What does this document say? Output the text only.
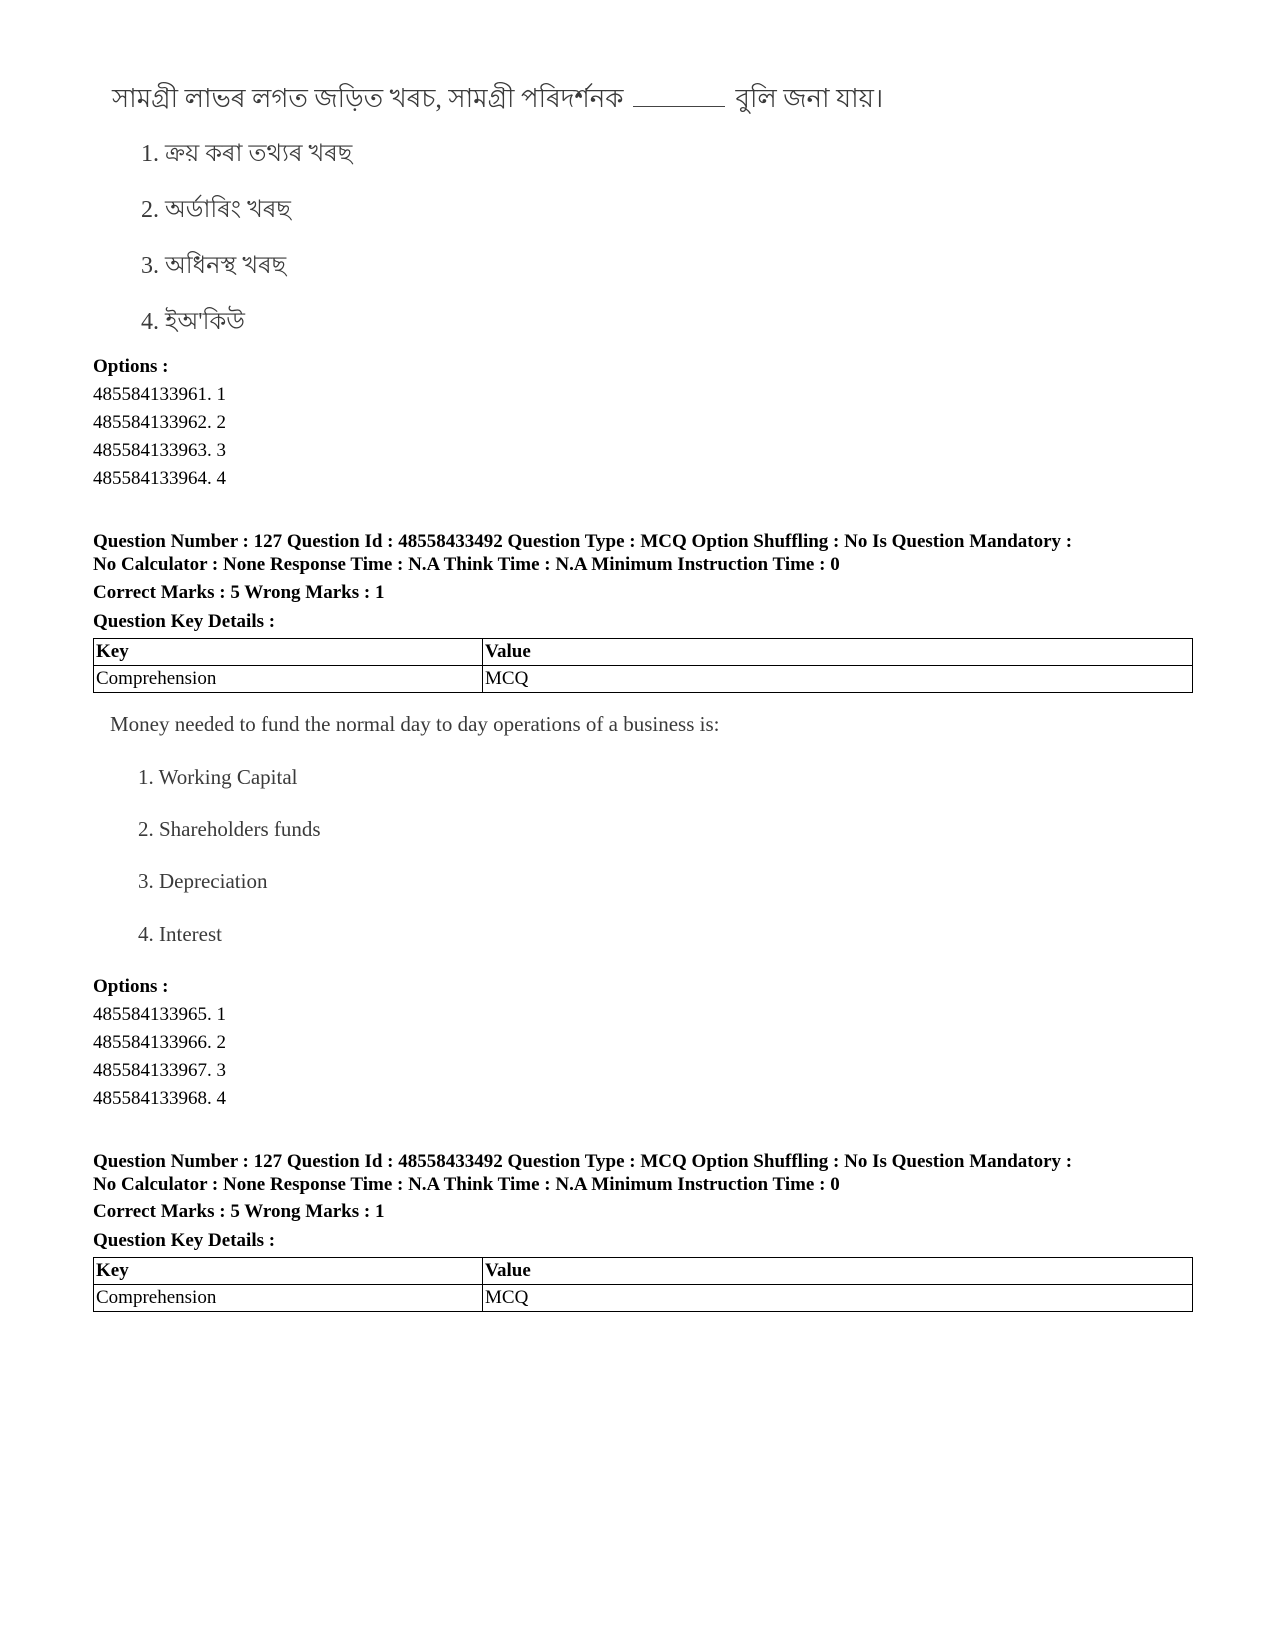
সামগ্ৰী লাভৰ লগত জড়িত খৰচ, সামগ্ৰী পৰিদৰ্শনক	বুলি জনা যায়।
1. ক্ৰয় কৰা তথ্যৰ খৰছ
2. অৰ্ডাৰিং খৰছ
3. অধিনস্থ খৰছ
4. ইঅ'কিউ
Options :
485584133961. 1
485584133962. 2
485584133963. 3
485584133964. 4
Question Number : 127 Question Id : 48558433492 Question Type : MCQ Option Shuffling : No Is Question Mandatory :
No Calculator : None Response Time : N.A Think Time : N.A Minimum Instruction Time : 0
Correct Marks : 5 Wrong Marks : 1
Question Key Details :
Key	Value
Comprehension	MCQ
Money needed to fund the normal day to day operations of a business is:
1. Working Capital
2. Shareholders funds
3. Depreciation
4. Interest
Options :
485584133965. 1
485584133966. 2
485584133967. 3
485584133968. 4
Question Number : 127 Question Id : 48558433492 Question Type : MCQ Option Shuffling : No Is Question Mandatory :
No Calculator : None Response Time : N.A Think Time : N.A Minimum Instruction Time : 0
Correct Marks : 5 Wrong Marks : 1
Question Key Details :
Key	Value
Comprehension	MCQ
